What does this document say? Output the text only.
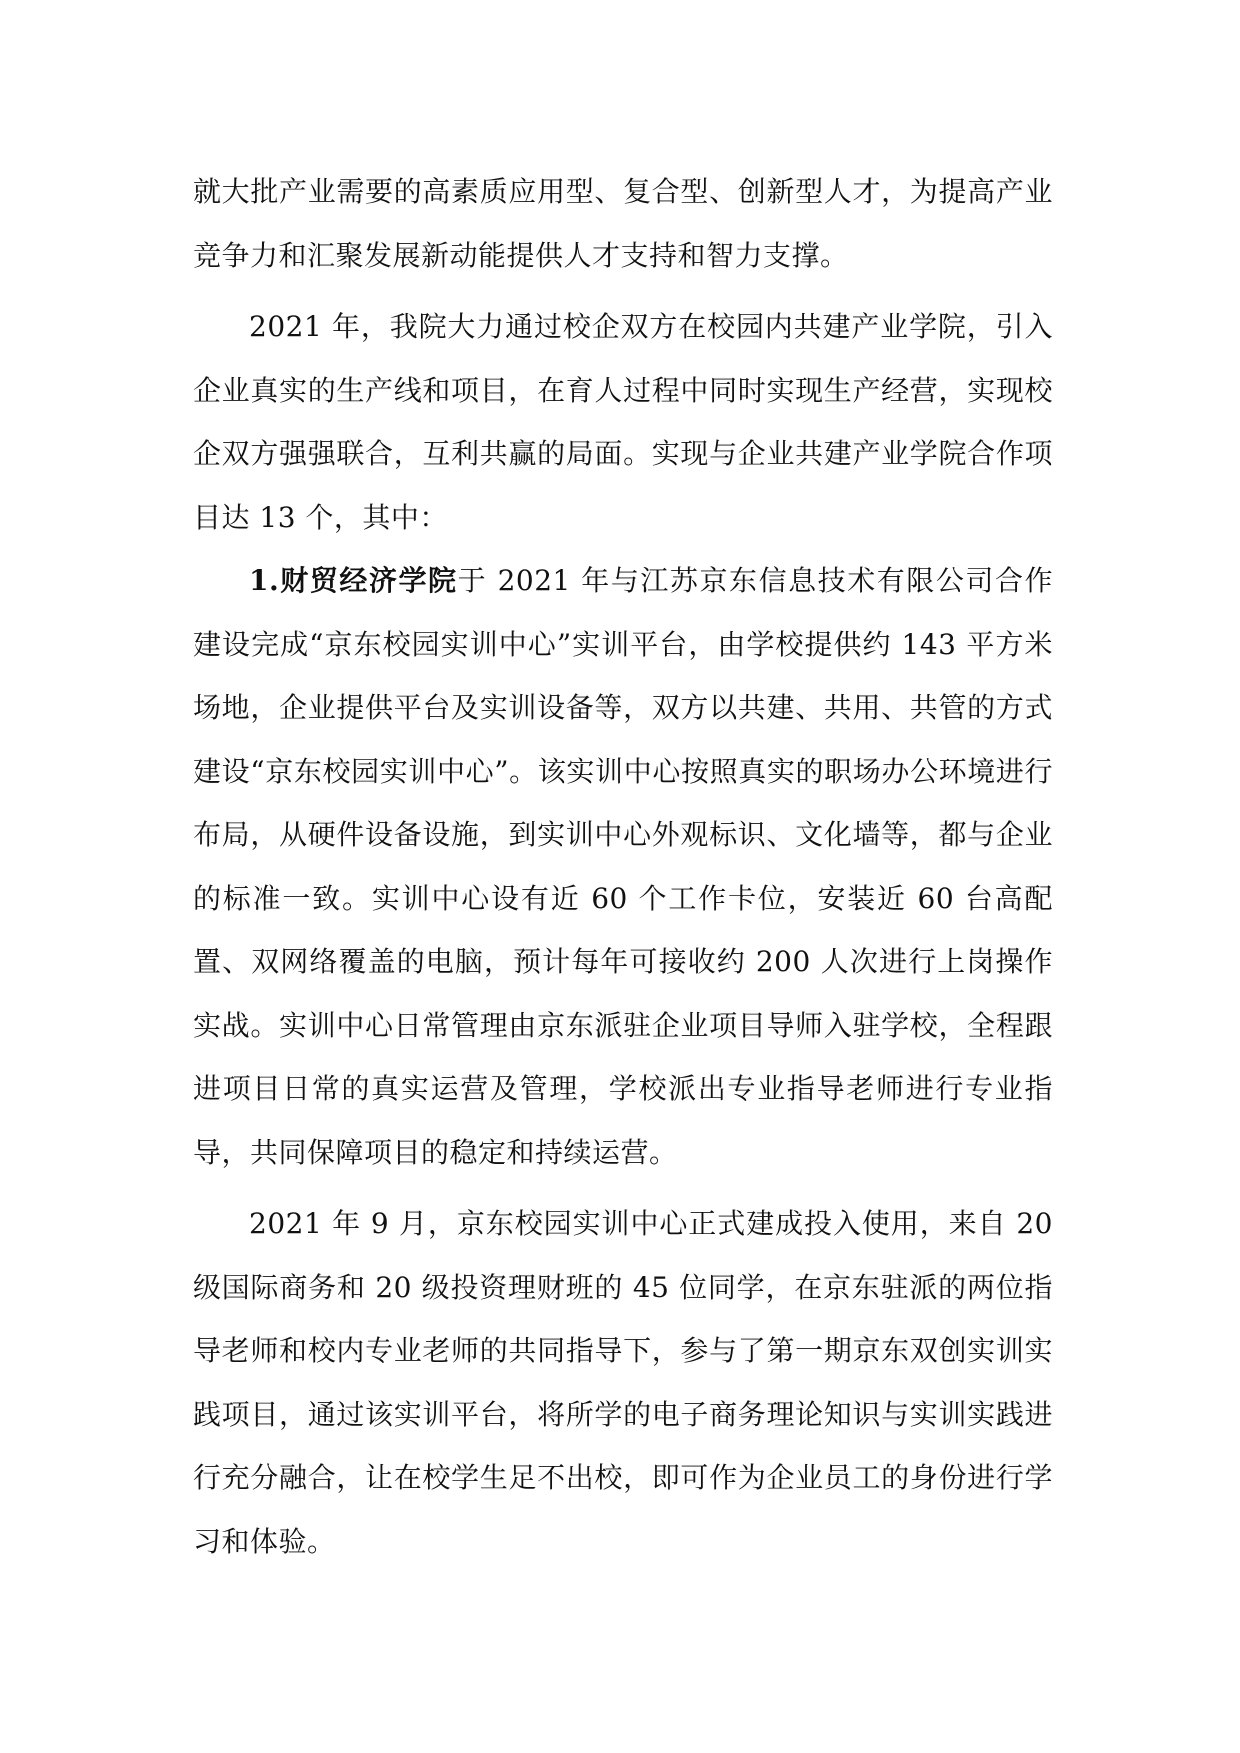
就大批产业需要的高素质应用型、复合型、创新型人才，为提高产业竞争力和汇聚发展新动能提供人才支持和智力支撑。

2021 年，我院大力通过校企双方在校园内共建产业学院，引入企业真实的生产线和项目，在育人过程中同时实现生产经营，实现校企双方强强联合，互利共赢的局面。实现与企业共建产业学院合作项目达 13 个，其中：

1.财贸经济学院于 2021 年与江苏京东信息技术有限公司合作建设完成“京东校园实训中心”实训平台，由学校提供约 143 平方米场地，企业提供平台及实训设备等，双方以共建、共用、共管的方式建设“京东校园实训中心”。该实训中心按照真实的职场办公环境进行布局，从硬件设备设施，到实训中心外观标识、文化墙等，都与企业的标准一致。实训中心设有近 60 个工作卡位，安装近 60 台高配置、双网络覆盖的电脑，预计每年可接收约 200 人次进行上岗操作实战。实训中心日常管理由京东派驻企业项目导师入驻学校，全程跟进项目日常的真实运营及管理，学校派出专业指导老师进行专业指导，共同保障项目的稳定和持续运营。

2021 年 9 月，京东校园实训中心正式建成投入使用，来自 20 级国际商务和 20 级投资理财班的 45 位同学，在京东驻派的两位指导老师和校内专业老师的共同指导下，参与了第一期京东双创实训实践项目，通过该实训平台，将所学的电子商务理论知识与实训实践进行充分融合，让在校学生足不出校，即可作为企业员工的身份进行学习和体验。
